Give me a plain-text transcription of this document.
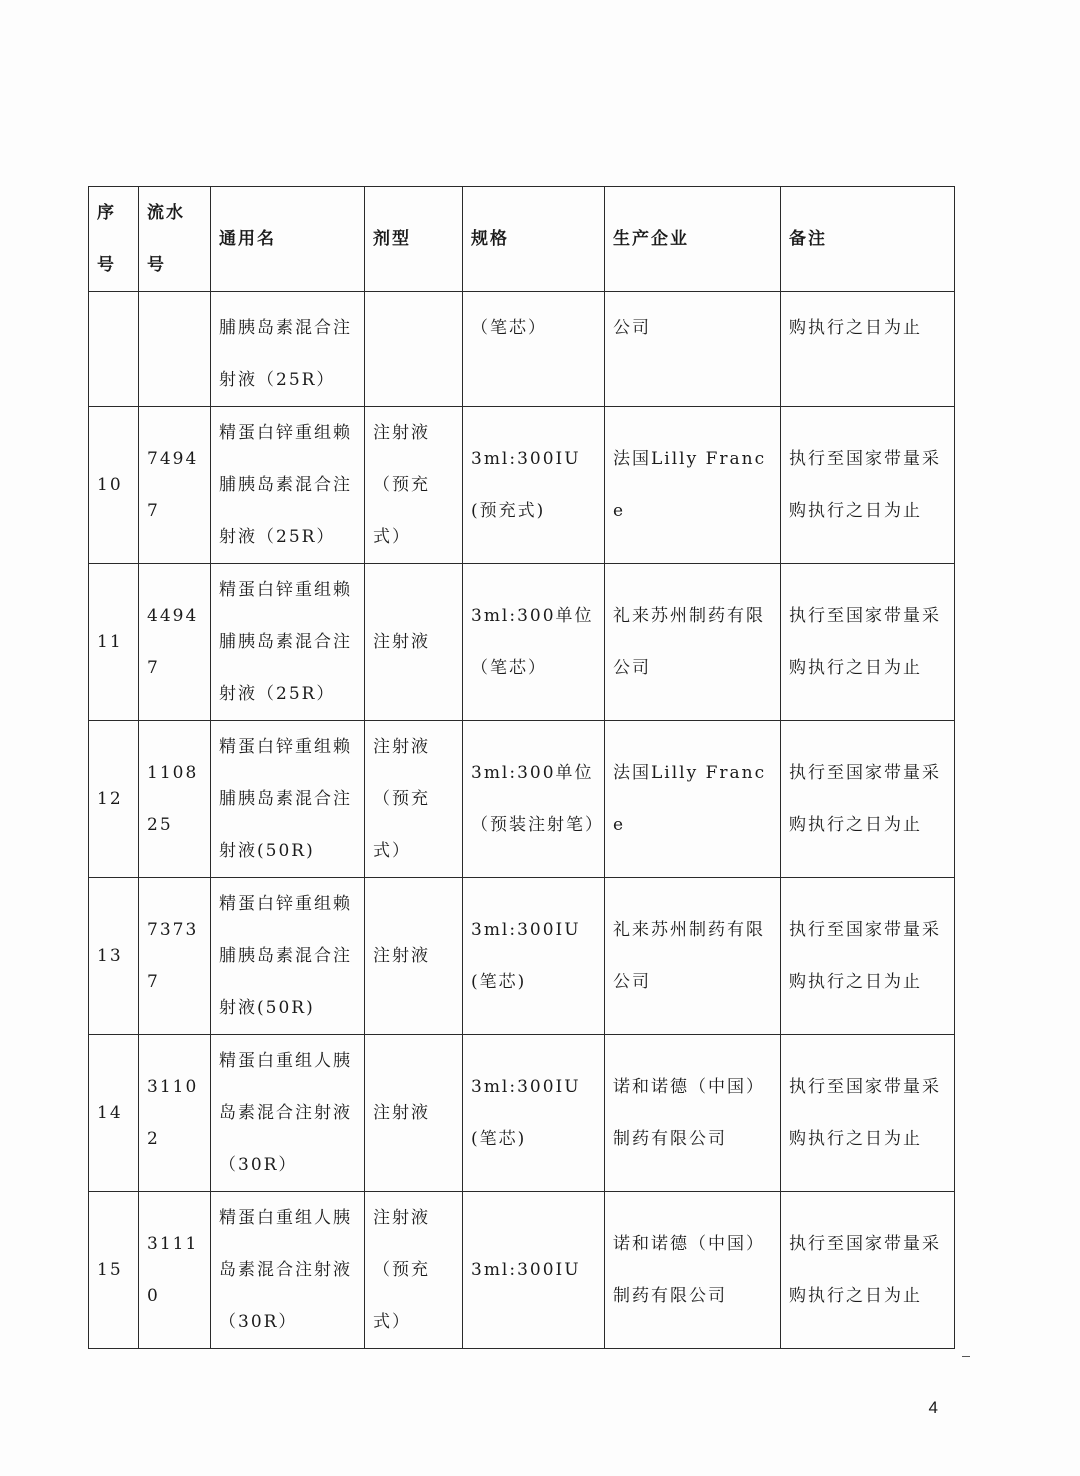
序号	流水号	通用名	剂型	规格	生产企业	备注
		脯胰岛素混合注射液（25R）		（笔芯）	公司	购执行之日为止
10	74947	精蛋白锌重组赖脯胰岛素混合注射液（25R）	注射液（预充式）	3ml:300IU(预充式)	法国Lilly France	执行至国家带量采购执行之日为止
11	44947	精蛋白锌重组赖脯胰岛素混合注射液（25R）	注射液	3ml:300单位（笔芯）	礼来苏州制药有限公司	执行至国家带量采购执行之日为止
12	110825	精蛋白锌重组赖脯胰岛素混合注射液(50R)	注射液（预充式）	3ml:300单位（预装注射笔）	法国Lilly France	执行至国家带量采购执行之日为止
13	73737	精蛋白锌重组赖脯胰岛素混合注射液(50R)	注射液	3ml:300IU(笔芯)	礼来苏州制药有限公司	执行至国家带量采购执行之日为止
14	31102	精蛋白重组人胰岛素混合注射液（30R）	注射液	3ml:300IU(笔芯)	诺和诺德（中国）制药有限公司	执行至国家带量采购执行之日为止
15	31110	精蛋白重组人胰岛素混合注射液（30R）	注射液（预充式）	3ml:300IU	诺和诺德（中国）制药有限公司	执行至国家带量采购执行之日为止
4
